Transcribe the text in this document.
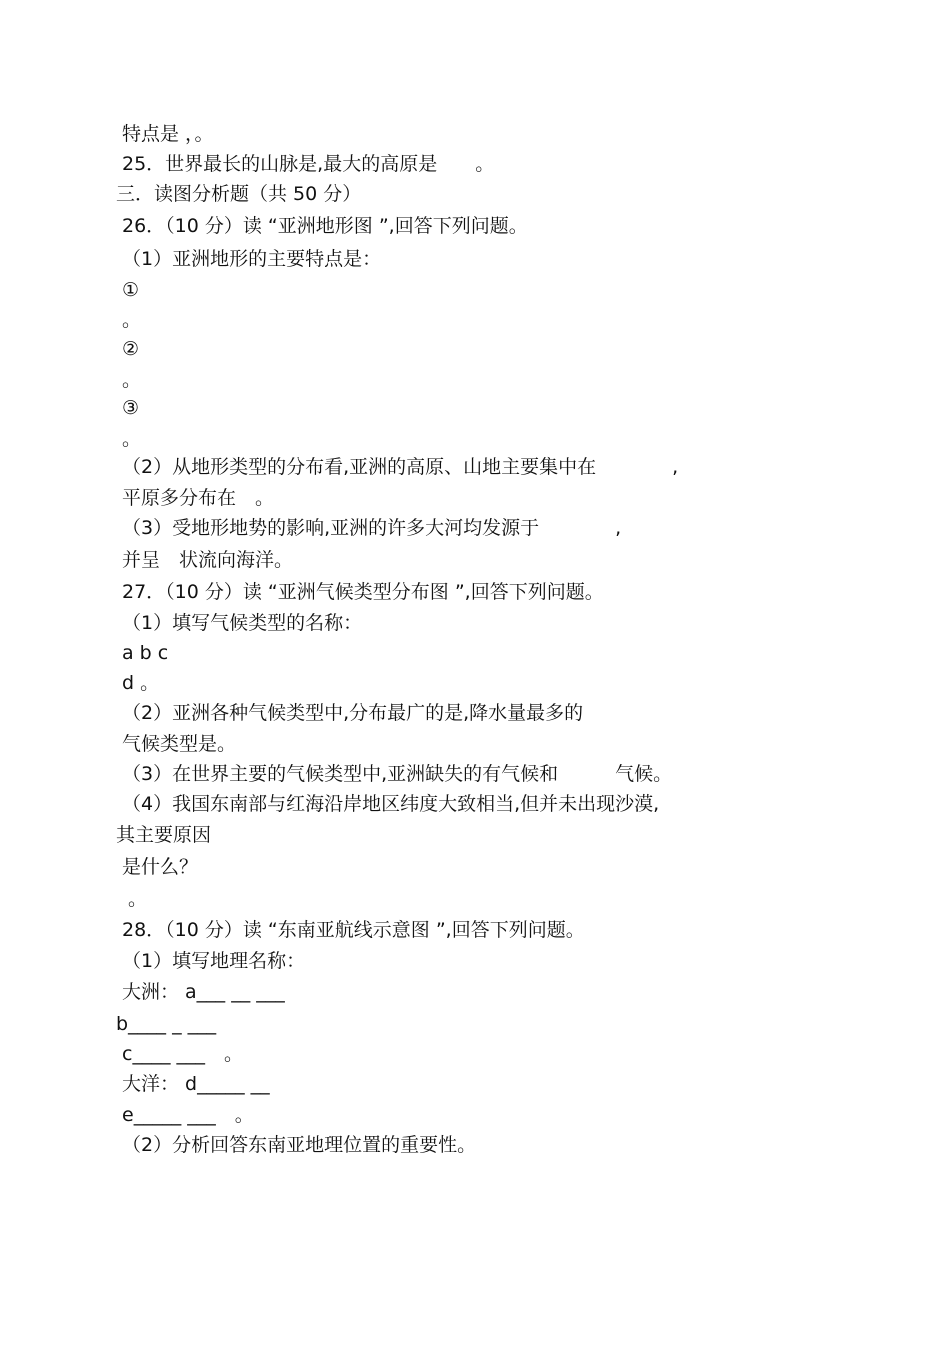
特点是 ，。
25．世界最长的山脉是,最大的高原是　　。
三．读图分析题（共 50 分）
26．（10 分）读 “亚洲地形图 ”,回答下列问题。
（1）亚洲地形的主要特点是：
①
。
②
。
③
。
（2）从地形类型的分布看,亚洲的高原、山地主要集中在　　　　,
平原多分布在　。
（3）受地形地势的影响,亚洲的许多大河均发源于　　　　,
并呈　状流向海洋。
27．（10 分）读 “亚洲气候类型分布图 ”,回答下列问题。
（1）填写气候类型的名称：
a b c
d 。
（2）亚洲各种气候类型中,分布最广的是,降水量最多的
气候类型是。
（3）在世界主要的气候类型中,亚洲缺失的有气候和　　　气候。
（4）我国东南部与红海沿岸地区纬度大致相当,但并未出现沙漠,
其主要原因
是什么？
。
28．（10 分）读 “东南亚航线示意图 ”,回答下列问题。
（1）填写地理名称：
大洲： a___ __ ___
b____ _ ___
c____ ___　。
大洋： d_____ __
e_____ ___　。
（2）分析回答东南亚地理位置的重要性。
